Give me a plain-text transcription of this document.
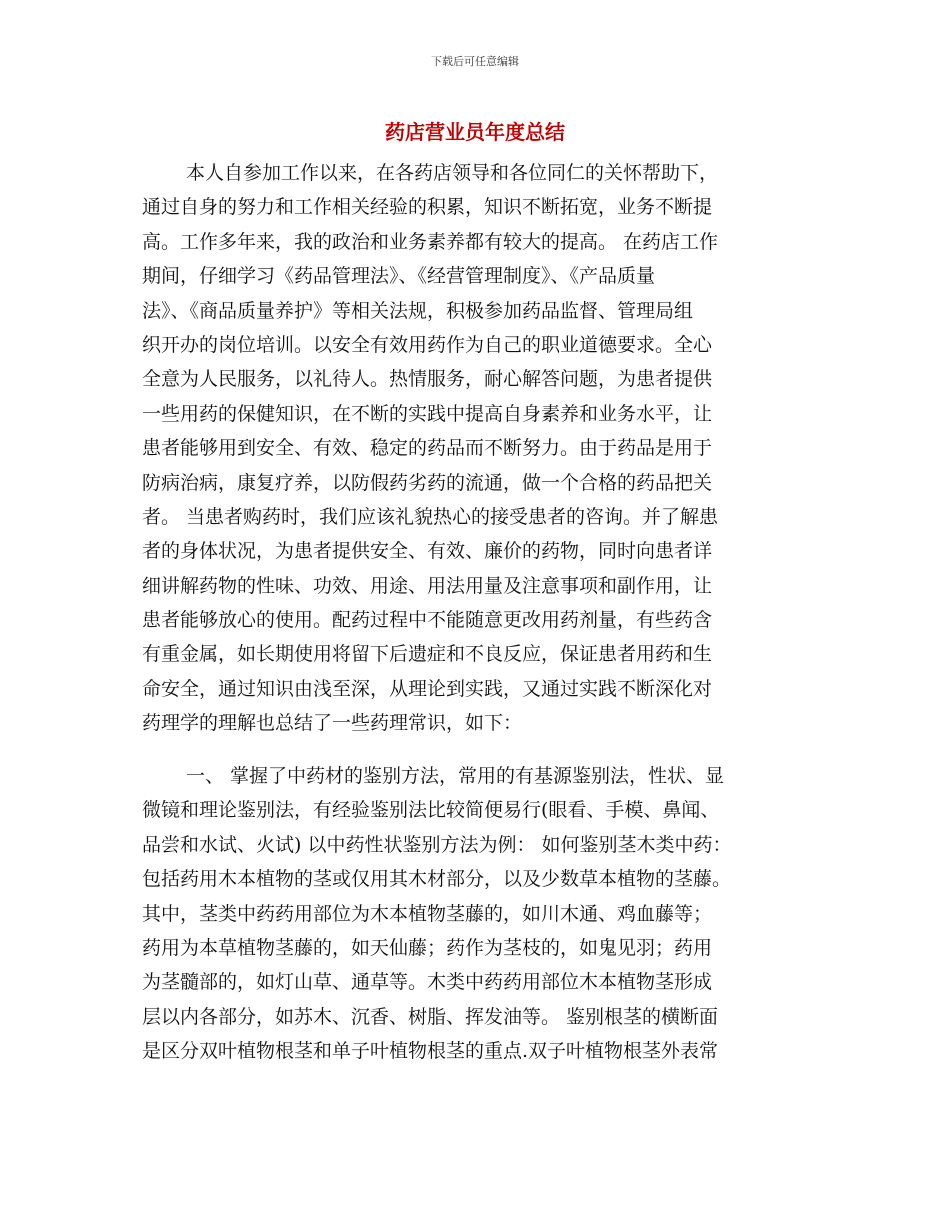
下载后可任意编辑
药店营业员年度总结
本人自参加工作以来，在各药店领导和各位同仁的关怀帮助下，
通过自身的努力和工作相关经验的积累，知识不断拓宽，业务不断提
高。工作多年来，我的政治和业务素养都有较大的提高。 在药店工作
期间，仔细学习《药品管理法》、《经营管理制度》、《产品质量
法》、《商品质量养护》等相关法规，积极参加药品监督、管理局组
织开办的岗位培训。以安全有效用药作为自己的职业道德要求。全心
全意为人民服务，以礼待人。热情服务，耐心解答问题，为患者提供
一些用药的保健知识，在不断的实践中提高自身素养和业务水平，让
患者能够用到安全、有效、稳定的药品而不断努力。由于药品是用于
防病治病，康复疗养，以防假药劣药的流通，做一个合格的药品把关
者。 当患者购药时，我们应该礼貌热心的接受患者的咨询。并了解患
者的身体状况，为患者提供安全、有效、廉价的药物，同时向患者详
细讲解药物的性味、功效、用途、用法用量及注意事项和副作用，让
患者能够放心的使用。配药过程中不能随意更改用药剂量，有些药含
有重金属，如长期使用将留下后遗症和不良反应，保证患者用药和生
命安全，通过知识由浅至深，从理论到实践，又通过实践不断深化对
药理学的理解也总结了一些药理常识，如下：
一、 掌握了中药材的鉴别方法，常用的有基源鉴别法，性状、显
微镜和理论鉴别法，有经验鉴别法比较简便易行(眼看、手模、鼻闻、
品尝和水试、火试) 以中药性状鉴别方法为例： 如何鉴别茎木类中药：
包括药用木本植物的茎或仅用其木材部分，以及少数草本植物的茎藤。
其中，茎类中药药用部位为木本植物茎藤的，如川木通、鸡血藤等；
药用为本草植物茎藤的，如天仙藤；药作为茎枝的，如鬼见羽；药用
为茎髓部的，如灯山草、通草等。木类中药药用部位木本植物茎形成
层以内各部分，如苏木、沉香、树脂、挥发油等。 鉴别根茎的横断面
是区分双叶植物根茎和单子叶植物根茎的重点.双子叶植物根茎外表常
